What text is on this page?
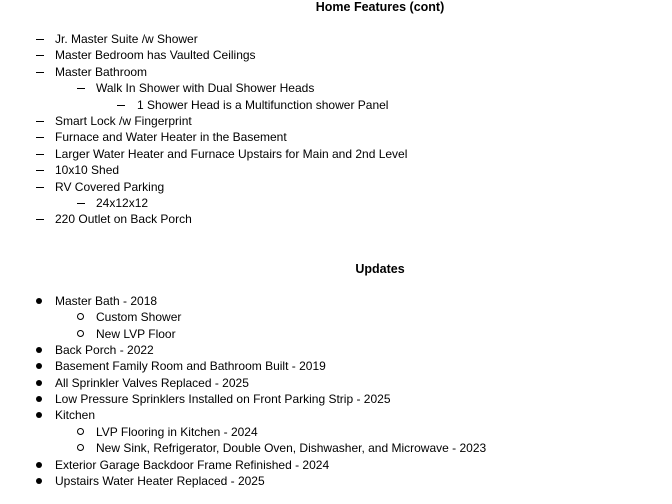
Home Features (cont)
Jr. Master Suite /w Shower
Master Bedroom has Vaulted Ceilings
Master Bathroom
Walk In Shower with Dual Shower Heads
1 Shower Head is a Multifunction shower Panel
Smart Lock /w Fingerprint
Furnace and Water Heater in the Basement
Larger Water Heater and Furnace Upstairs for Main and 2nd Level
10x10 Shed
RV Covered Parking
24x12x12
220 Outlet on Back Porch
Updates
Master Bath - 2018
Custom Shower
New LVP Floor
Back Porch - 2022
Basement Family Room and Bathroom Built - 2019
All Sprinkler Valves Replaced - 2025
Low Pressure Sprinklers Installed on Front Parking Strip - 2025
Kitchen
LVP Flooring in Kitchen - 2024
New Sink, Refrigerator, Double Oven, Dishwasher, and Microwave - 2023
Exterior Garage Backdoor Frame Refinished - 2024
Upstairs Water Heater Replaced - 2025
